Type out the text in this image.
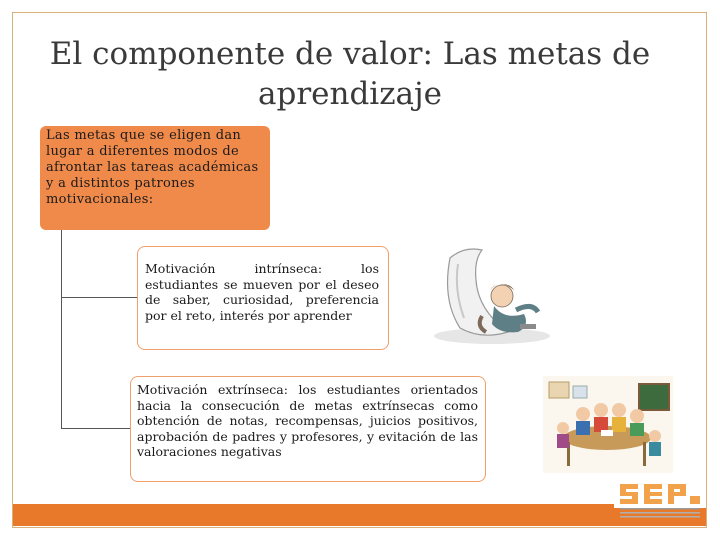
El componente de valor: Las metas de aprendizaje
Las metas que se eligen dan lugar a diferentes modos de afrontar las tareas académicas y a distintos patrones motivacionales:
Motivación intrínseca: los estudiantes se mueven por el deseo de saber, curiosidad, preferencia por el reto, interés por aprender
Motivación extrínseca: los estudiantes orientados hacia la consecución de metas extrínsecas como obtención de notas, recompensas, juicios positivos, aprobación de padres y profesores, y evitación de las valoraciones negativas
